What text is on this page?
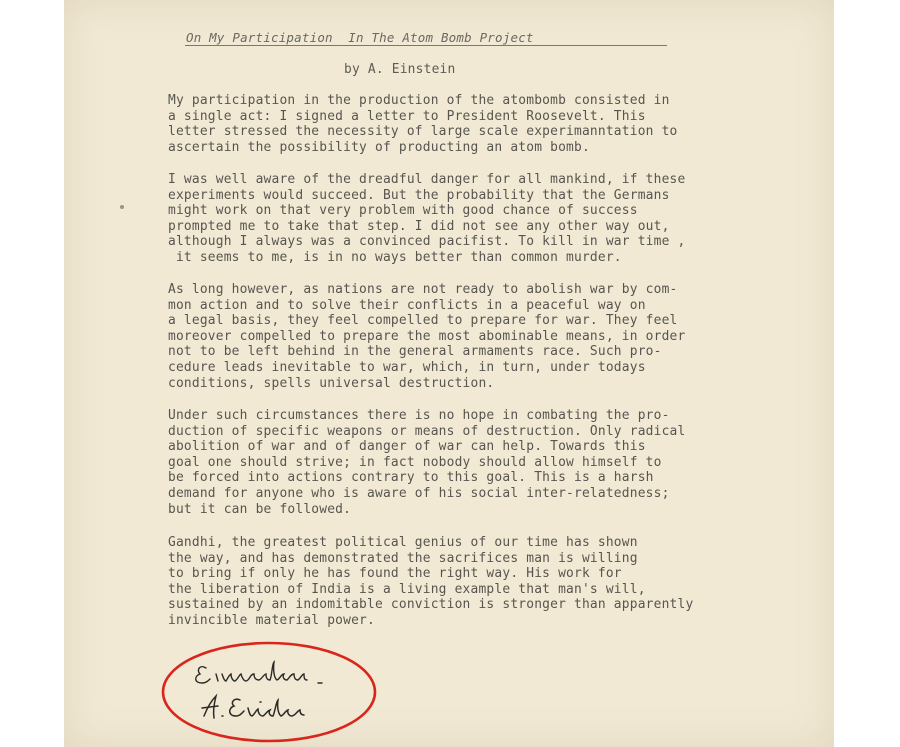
On My Participation  In The Atom Bomb Project

by A. Einstein

My participation in the production of the atombomb consisted in
a single act: I signed a letter to President Roosevelt. This
letter stressed the necessity of large scale experimanntation to
ascertain the possibility of producting an atom bomb.

I was well aware of the dreadful danger for all mankind, if these
experiments would succeed. But the probability that the Germans
might work on that very problem with good chance of success
prompted me to take that step. I did not see any other way out,
although I always was a convinced pacifist. To kill in war time ,
it seems to me, is in no ways better than common murder.

As long however, as nations are not ready to abolish war by com-
mon action and to solve their conflicts in a peaceful way on
a legal basis, they feel compelled to prepare for war. They feel
moreover compelled to prepare the most abominable means, in order
not to be left behind in the general armaments race. Such pro-
cedure leads inevitable to war, which, in turn, under todays
conditions, spells universal destruction.

Under such circumstances there is no hope in combating the pro-
duction of specific weapons or means of destruction. Only radical
abolition of war and of danger of war can help. Towards this
goal one should strive; in fact nobody should allow himself to
be forced into actions contrary to this goal. This is a harsh
demand for anyone who is aware of his social inter-relatedness;
but it can be followed.

Gandhi, the greatest political genius of our time has shown
the way, and has demonstrated the sacrifices man is willing
to bring if only he has found the right way. His work for
the liberation of India is a living example that man's will,
sustained by an indomitable conviction is stronger than apparently
invincible material power.
